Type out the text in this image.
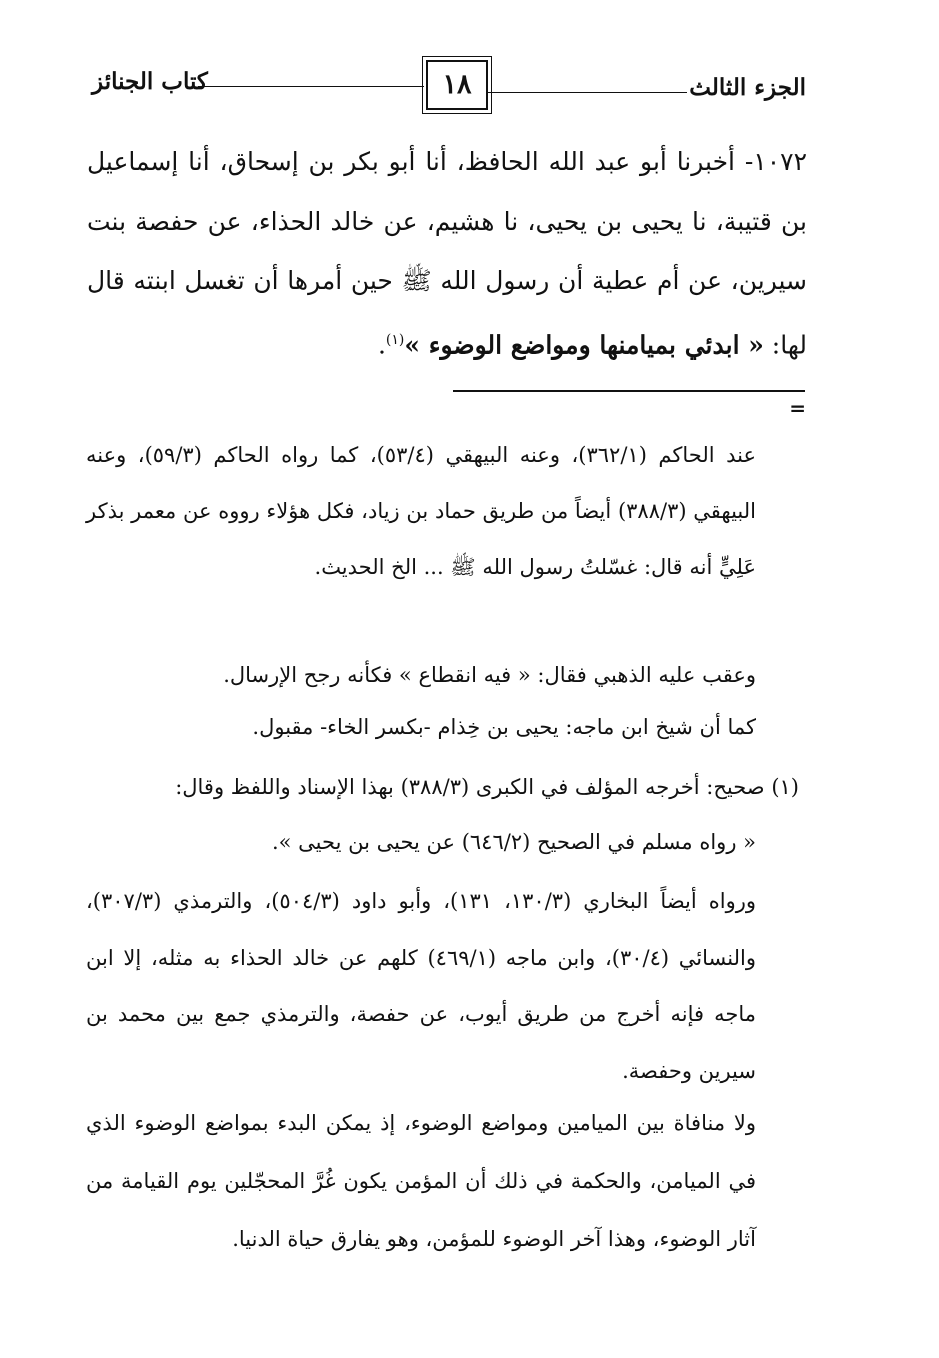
الجزء الثالث
١٨
كتاب الجنائز
١٠٧٢- أخبرنا أبو عبد الله الحافظ، أنا أبو بكر بن إسحاق، أنا إسماعيل بن قتيبة، نا يحيى بن يحيى، نا هشيم، عن خالد الحذاء، عن حفصة بنت سيرين، عن أم عطية أن رسول الله ﷺ حين أمرها أن تغسل ابنته قال لها: « ابدئي بميامنها ومواضع الوضوء »$^{(١)}$.
=
عند الحاكم (٣٦٢/١)، وعنه البيهقي (٥٣/٤)، كما رواه الحاكم (٥٩/٣)، وعنه البيهقي (٣٨٨/٣) أيضاً من طريق حماد بن زياد، فكل هؤلاء رووه عن معمر بذكر عَلِيٍّ أنه قال: غسّلتُ رسول الله ﷺ ... الخ الحديث.
وعقب عليه الذهبي فقال: « فيه انقطاع » فكأنه رجح الإرسال.
كما أن شيخ ابن ماجه: يحيى بن خِذام -بكسر الخاء- مقبول.
(١) صحيح: أخرجه المؤلف في الكبرى (٣٨٨/٣) بهذا الإسناد واللفظ وقال:
« رواه مسلم في الصحيح (٦٤٦/٢) عن يحيى بن يحيى ».
ورواه أيضاً البخاري (١٣٠/٣، ١٣١)، وأبو داود (٥٠٤/٣)، والترمذي (٣٠٧/٣)، والنسائي (٣٠/٤)، وابن ماجه (٤٦٩/١) كلهم عن خالد الحذاء به مثله، إلا ابن ماجه فإنه أخرج من طريق أيوب، عن حفصة، والترمذي جمع بين محمد بن سيرين وحفصة.
ولا منافاة بين الميامين ومواضع الوضوء، إذ يمكن البدء بمواضع الوضوء الذي في الميامن، والحكمة في ذلك أن المؤمن يكون غُرَّ المحجّلين يوم القيامة من آثار الوضوء، وهذا آخر الوضوء للمؤمن، وهو يفارق حياة الدنيا.
